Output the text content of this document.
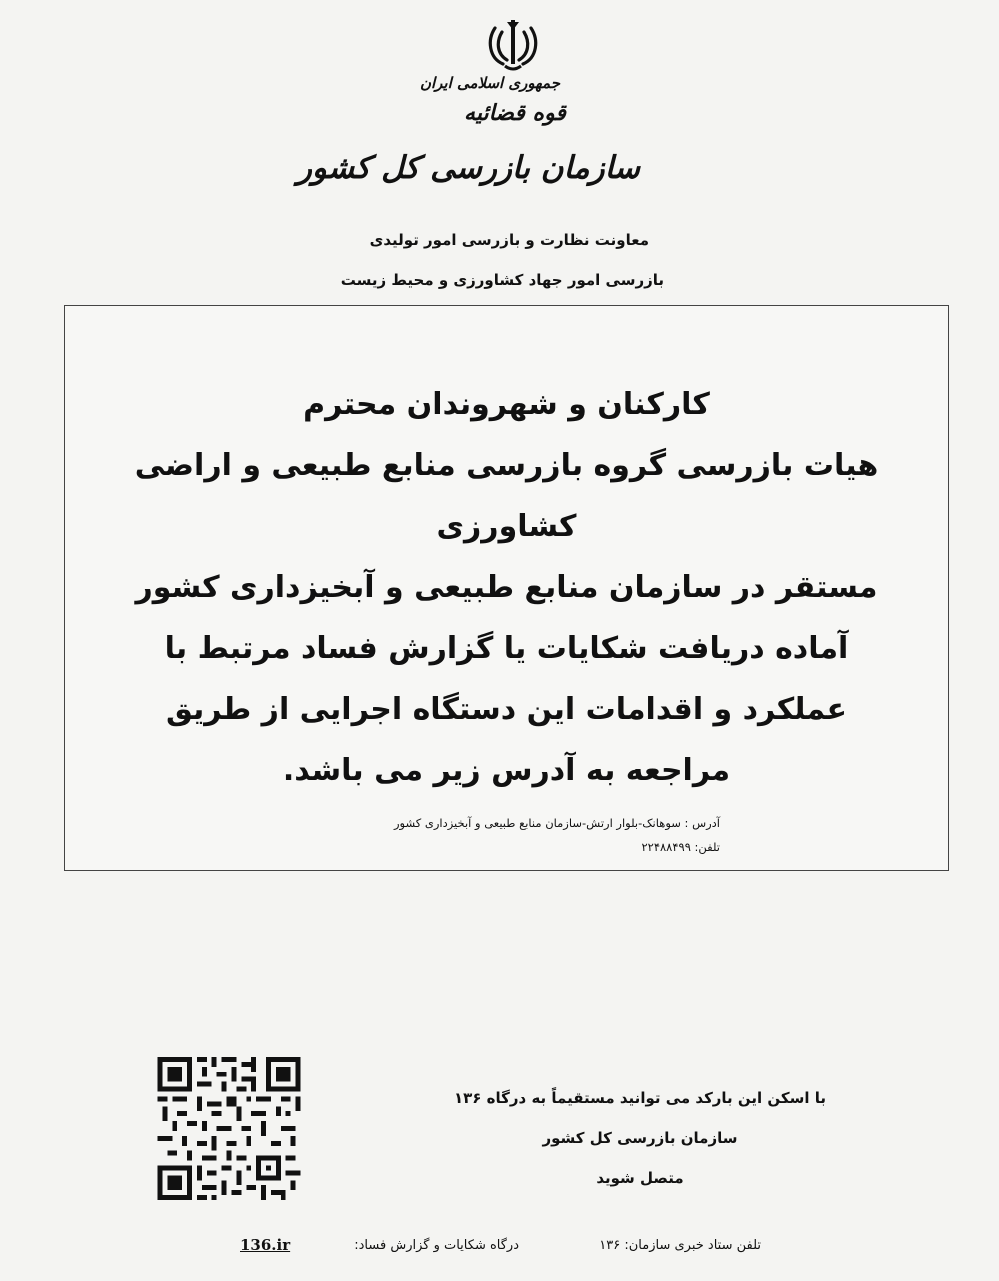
جمهوری اسلامی ایران
قوه قضائیه
سازمان بازرسی کل کشور
معاونت نظارت و بازرسی امور تولیدی
بازرسی امور جهاد کشاورزی و محیط زیست
کارکنان و شهروندان محترم
هیات بازرسی گروه بازرسی منابع طبیعی و اراضی
کشاورزی
مستقر در سازمان منابع طبیعی و آبخیزداری کشور
آماده دریافت شکایات یا گزارش فساد مرتبط با
عملکرد و اقدامات این دستگاه اجرایی از طریق
مراجعه به آدرس زیر می باشد.
آدرس : سوهانک-بلوار ارتش-سازمان منابع طبیعی و آبخیزداری کشور
تلفن: ۲۲۴۸۸۴۹۹
با اسکن این بارکد می توانید مستقیماً به درگاه ۱۳۶
سازمان بازرسی کل کشور
متصل شوید
تلفن ستاد خبری سازمان: ۱۳۶
درگاه شکایات و گزارش فساد:
136.ir
